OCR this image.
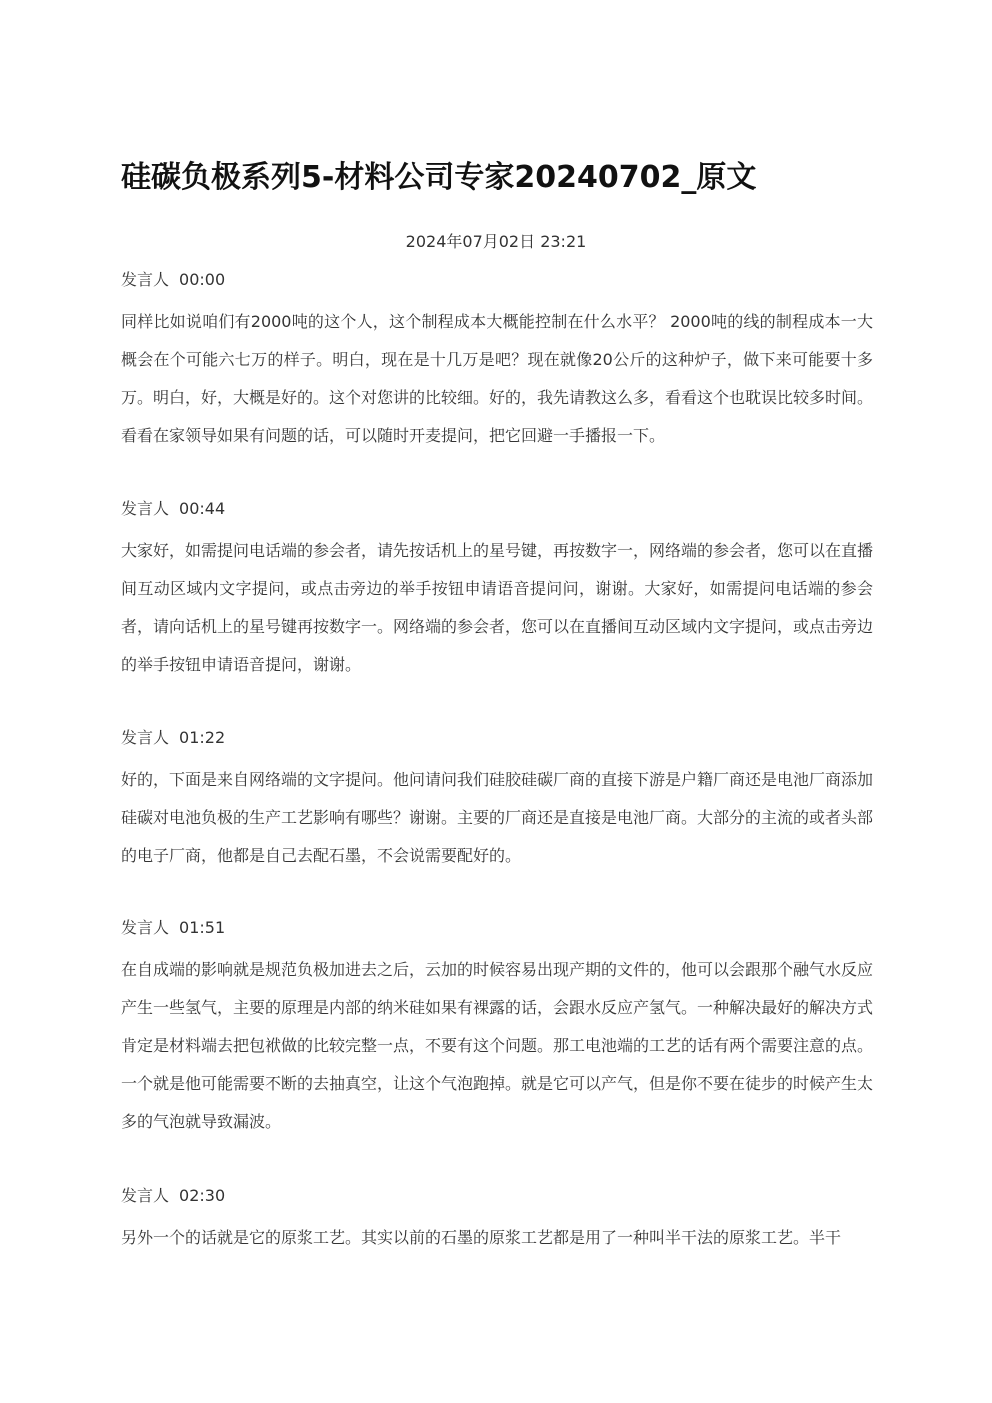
硅碳负极系列5-材料公司专家20240702_原文
2024年07月02日 23:21
发言人 00:00
同样比如说咱们有2000吨的这个人，这个制程成本大概能控制在什么水平？ 2000吨的线的制程成本一大概会在个可能六七万的样子。明白，现在是十几万是吧？现在就像20公斤的这种炉子，做下来可能要十多万。明白，好，大概是好的。这个对您讲的比较细。好的，我先请教这么多，看看这个也耽误比较多时间。看看在家领导如果有问题的话，可以随时开麦提问，把它回避一手播报一下。
发言人 00:44
大家好，如需提问电话端的参会者，请先按话机上的星号键，再按数字一，网络端的参会者，您可以在直播间互动区域内文字提问，或点击旁边的举手按钮申请语音提问问，谢谢。大家好，如需提问电话端的参会者，请向话机上的星号键再按数字一。网络端的参会者，您可以在直播间互动区域内文字提问，或点击旁边的举手按钮申请语音提问，谢谢。
发言人 01:22
好的，下面是来自网络端的文字提问。他问请问我们硅胶硅碳厂商的直接下游是户籍厂商还是电池厂商添加硅碳对电池负极的生产工艺影响有哪些？谢谢。主要的厂商还是直接是电池厂商。大部分的主流的或者头部的电子厂商，他都是自己去配石墨，不会说需要配好的。
发言人 01:51
在自成端的影响就是规范负极加进去之后，云加的时候容易出现产期的文件的，他可以会跟那个融气水反应产生一些氢气，主要的原理是内部的纳米硅如果有裸露的话，会跟水反应产氢气。一种解决最好的解决方式肯定是材料端去把包袱做的比较完整一点，不要有这个问题。那工电池端的工艺的话有两个需要注意的点。一个就是他可能需要不断的去抽真空，让这个气泡跑掉。就是它可以产气，但是你不要在徒步的时候产生太多的气泡就导致漏波。
发言人 02:30
另外一个的话就是它的原浆工艺。其实以前的石墨的原浆工艺都是用了一种叫半干法的原浆工艺。半干
